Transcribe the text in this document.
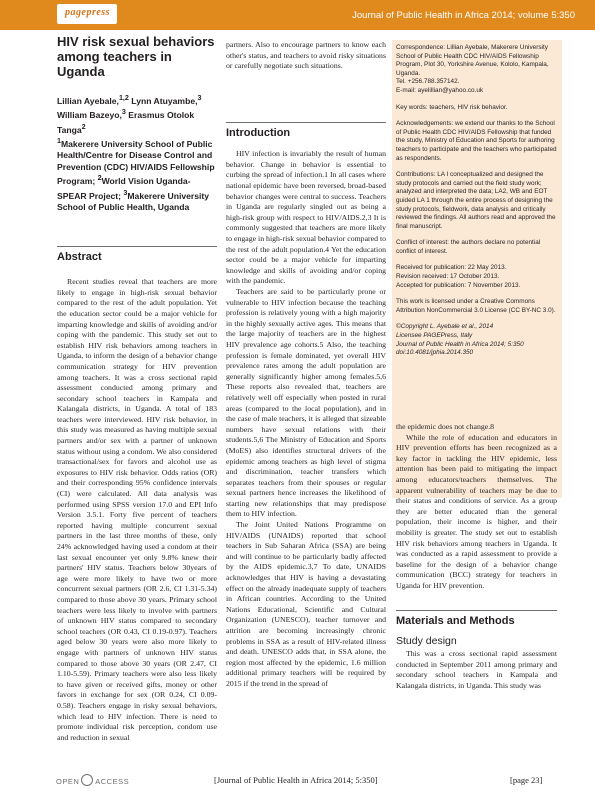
pagepress	Journal of Public Health in Africa 2014; volume 5:350
HIV risk sexual behaviors among teachers in Uganda
Lillian Ayebale,$^{1,2}$ Lynn Atuyambe,$^3$
William Bazeyo,$^3$ Erasmus Otolok Tanga$^2$
$^1$Makerere University School of Public Health/Centre for Disease Control and Prevention (CDC) HIV/AIDS Fellowship Program; $^2$World Vision Uganda-SPEAR Project; $^3$Makerere University School of Public Health, Uganda
Abstract

Recent studies reveal that teachers are more likely to engage in high-risk sexual behavior compared to the rest of the adult population. Yet the education sector could be a major vehicle for imparting knowledge and skills of avoiding and/or coping with the pandemic. This study set out to establish HIV risk behaviors among teachers in Uganda, to inform the design of a behavior change communication strategy for HIV prevention among teachers. It was a cross sectional rapid assessment conducted among primary and secondary school teachers in Kampala and Kalangala districts, in Uganda. A total of 183 teachers were interviewed. HIV risk behavior, in this study was measured as having multiple sexual partners and/or sex with a partner of unknown status without using a condom. We also considered transactional/sex for favors and alcohol use as exposures to HIV risk behavior. Odds ratios (OR) and their corresponding 95% confidence intervals (CI) were calculated. All data analysis was performed using SPSS version 17.0 and EPI Info Version 3.5.1. Forty five percent of teachers reported having multiple concurrent sexual partners in the last three months of these, only 24% acknowledged having used a condom at their last sexual encounter yet only 9.8% knew their partners' HIV status. Teachers below 30years of age were more likely to have two or more concurrent sexual partners (OR 2.6, CI 1.31-5.34) compared to those above 30 years. Primary school teachers were less likely to involve with partners of unknown HIV status compared to secondary school teachers (OR 0.43, CI 0.19-0.97). Teachers aged below 30 years were also more likely to engage with partners of unknown HIV status compared to those above 30 years (OR 2.47, CI 1.10-5.59). Primary teachers were also less likely to have given or received gifts, money or other favors in exchange for sex (OR 0.24, CI 0.09-0.58). Teachers engage in risky sexual behaviors, which lead to HIV infection. There is need to promote individual risk perception, condom use and reduction in sexual

partners. Also to encourage partners to know each other's status, and teachers to avoid risky situations or carefully negotiate such situations.
Introduction

HIV infection is invariably the result of human behavior. Change in behavior is essential to curbing the spread of infection.1 In all cases where national epidemic have been reversed, broad-based behavior changes were central to success. Teachers in Uganda are regularly singled out as being a high-risk group with respect to HIV/AIDS.2,3 It is commonly suggested that teachers are more likely to engage in high-risk sexual behavior compared to the rest of the adult population.4 Yet the education sector could be a major vehicle for imparting knowledge and skills of avoiding and/or coping with the pandemic.

Teachers are said to be particularly prone or vulnerable to HIV infection because the teaching profession is relatively young with a high majority in the highly sexually active ages. This means that the large majority of teachers are in the highest HIV prevalence age cohorts.5 Also, the teaching profession is female dominated, yet overall HIV prevalence rates among the adult population are generally significantly higher among females.5,6 These reports also revealed that, teachers are relatively well off especially when posted in rural areas (compared to the local population), and in the case of male teachers, it is alleged that sizeable numbers have sexual relations with their students.5,6 The Ministry of Education and Sports (MoES) also identifies structural drivers of the epidemic among teachers as high level of stigma and discrimination, teacher transfers which separates teachers from their spouses or regular sexual partners hence increases the likelihood of starting new relationships that may predispose them to HIV infection.

The Joint United Nations Programme on HIV/AIDS (UNAIDS) reported that school teachers in Sub Saharan Africa (SSA) are being and will continue to be particularly badly affected by the AIDS epidemic.3,7 To date, UNAIDS acknowledges that HIV is having a devastating effect on the already inadequate supply of teachers in African countries. According to the United Nations Educational, Scientific and Cultural Organization (UNESCO), teacher turnover and attrition are becoming increasingly chronic problems in SSA as a result of HIV-related illness and death. UNESCO adds that, in SSA alone, the region most affected by the epidemic, 1.6 million additional primary teachers will be required by 2015 if the trend in the spread of

Correspondence: Lillian Ayebale, Makerere University School of Public Health CDC HIV/AIDS Fellowship Program, Plot 30, Yorkshire Avenue, Kololo, Kampala, Uganda.
Tel. +256.788.357142.
E-mail: ayelillian@yahoo.co.uk

Key words: teachers, HIV risk behavior.

Acknowledgements: we extend our thanks to the School of Public Health CDC HIV/AIDS Fellowship that funded the study, Ministry of Education and Sports for authoring teachers to participate and the teachers who participated as respondents.

Contributions: LA I conceptualized and designed the study protocols and carried out the field study work; analyzed and interpreted the data; LA2, WB and EOT guided LA 1 through the entire process of designing the study protocols, fieldwork, data analysis and critically reviewed the findings. All authors read and approved the final manuscript.

Conflict of interest: the authors declare no potential conflict of interest.

Received for publication: 22 May 2013.
Revision received: 17 October 2013.
Accepted for publication: 7 November 2013.

This work is licensed under a Creative Commons Attribution NonCommercial 3.0 License (CC BY-NC 3.0).

©Copyright L. Ayebale et al., 2014
Licensee PAGEPress, Italy
Journal of Public Health in Africa 2014; 5:350
doi:10.4081/jphia.2014.350

the epidemic does not change.8

While the role of education and educators in HIV prevention efforts has been recognized as a key factor in tackling the HIV epidemic, less attention has been paid to mitigating the impact among educators/teachers themselves. The apparent vulnerability of teachers may be due to their status and conditions of service. As a group they are better educated than the general population, their income is higher, and their mobility is greater. The study set out to establish HIV risk behaviors among teachers in Uganda. It was conducted as a rapid assessment to provide a baseline for the design of a behavior change communication (BCC) strategy for teachers in Uganda for HIV prevention.

Materials and Methods
Study design

This was a cross sectional rapid assessment conducted in September 2011 among primary and secondary school teachers in Kampala and Kalangala districts, in Uganda. This study was

OPEN ACCESS	[Journal of Public Health in Africa 2014; 5:350]	[page 23]
